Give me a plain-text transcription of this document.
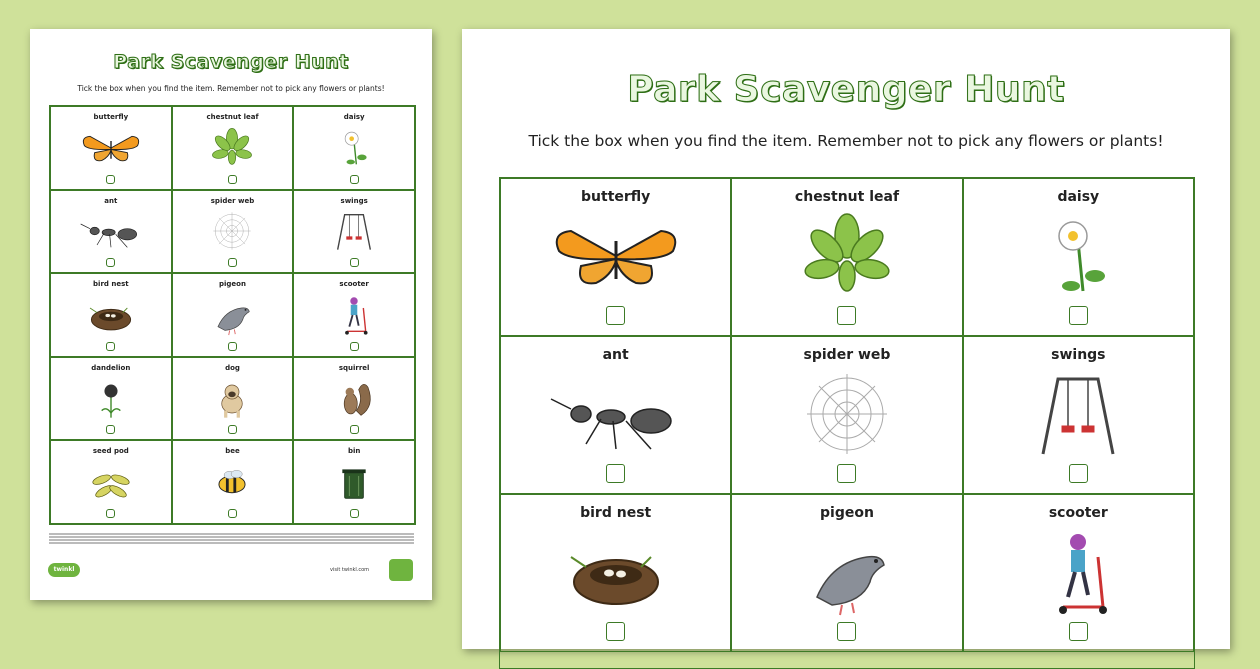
Park Scavenger Hunt
Tick the box when you find the item. Remember not to pick any flowers or plants!
butterfly	chestnut leaf	daisy
ant	spider web	swings
bird nest	pigeon	scooter
dandelion	dog	squirrel
seed pod	bee	bin
twinkl	visit twinkl.com
Park Scavenger Hunt
Tick the box when you find the item. Remember not to pick any flowers or plants!
butterfly	chestnut leaf	daisy
ant	spider web	swings
bird nest	pigeon	scooter
